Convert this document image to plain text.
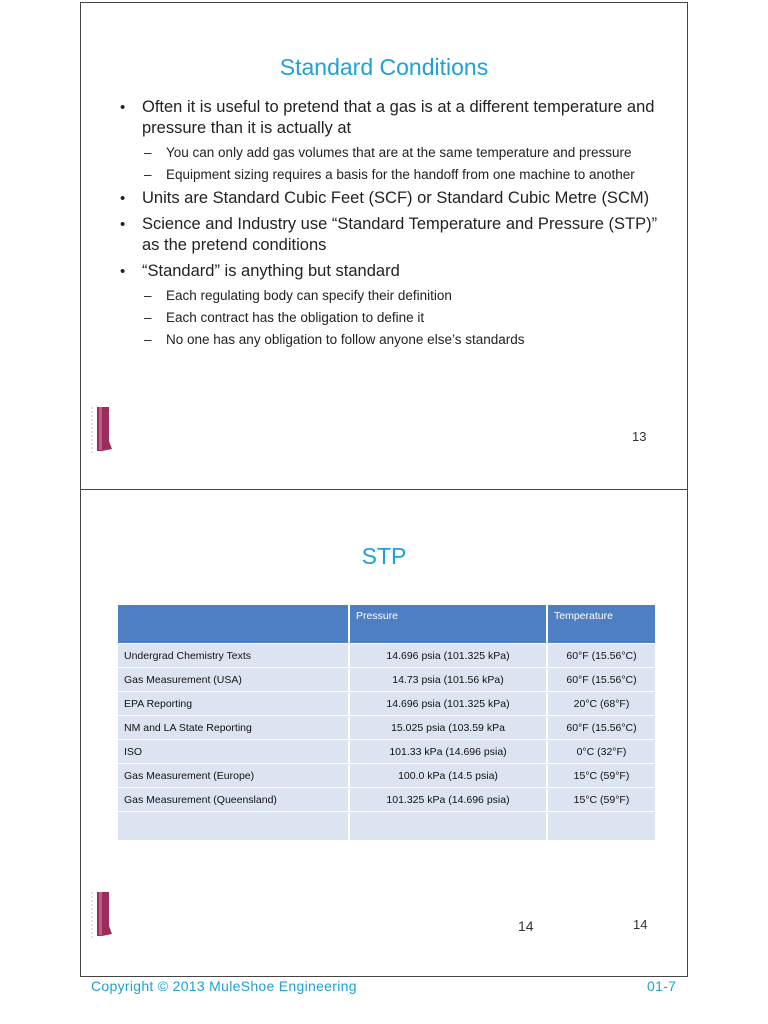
Standard Conditions
• Often it is useful to pretend that a gas is at a different temperature and pressure than it is actually at
– You can only add gas volumes that are at the same temperature and pressure
– Equipment sizing requires a basis for the handoff from one machine to another
• Units are Standard Cubic Feet (SCF) or Standard Cubic Metre (SCM)
• Science and Industry use “Standard Temperature and Pressure (STP)” as the pretend conditions
• “Standard” is anything but standard
– Each regulating body can specify their definition
– Each contract has the obligation to define it
– No one has any obligation to follow anyone else’s standards
13
STP
	Pressure	Temperature
Undergrad Chemistry Texts	14.696 psia (101.325 kPa)	60°F (15.56°C)
Gas Measurement (USA)	14.73 psia (101.56 kPa)	60°F (15.56°C)
EPA Reporting	14.696 psia (101.325 kPa)	20°C (68°F)
NM and LA State Reporting	15.025 psia (103.59 kPa	60°F (15.56°C)
ISO	101.33 kPa (14.696 psia)	0°C (32°F)
Gas Measurement (Europe)	100.0 kPa (14.5 psia)	15°C (59°F)
Gas Measurement (Queensland)	101.325 kPa (14.696 psia)	15°C (59°F)

14	14
Copyright © 2013 MuleShoe Engineering	01-7
